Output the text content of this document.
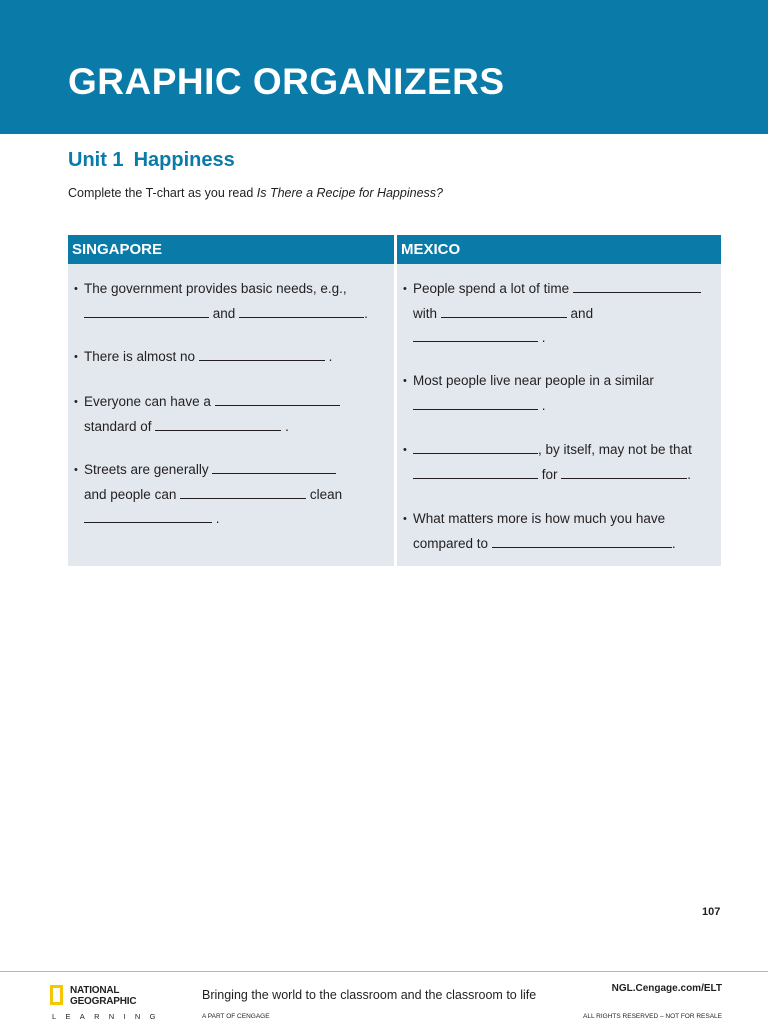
GRAPHIC ORGANIZERS
Unit 1 Happiness
Complete the T-chart as you read Is There a Recipe for Happiness?
SINGAPORE
• The government provides basic needs, e.g.,
and	.
• There is almost no	.
• Everyone can have a
standard of	.
• Streets are generally
and people can	clean
.
MEXICO
• People spend a lot of time
with	and
.
• Most people live near people in a similar
.
•	, by itself, may not be that
for	.
• What matters more is how much you have
compared to	.
107
NATIONAL
GEOGRAPHIC
LEARNING
Bringing the world to the classroom and the classroom to life
A PART OF CENGAGE
NGL.Cengage.com/ELT
ALL RIGHTS RESERVED – NOT FOR RESALE
